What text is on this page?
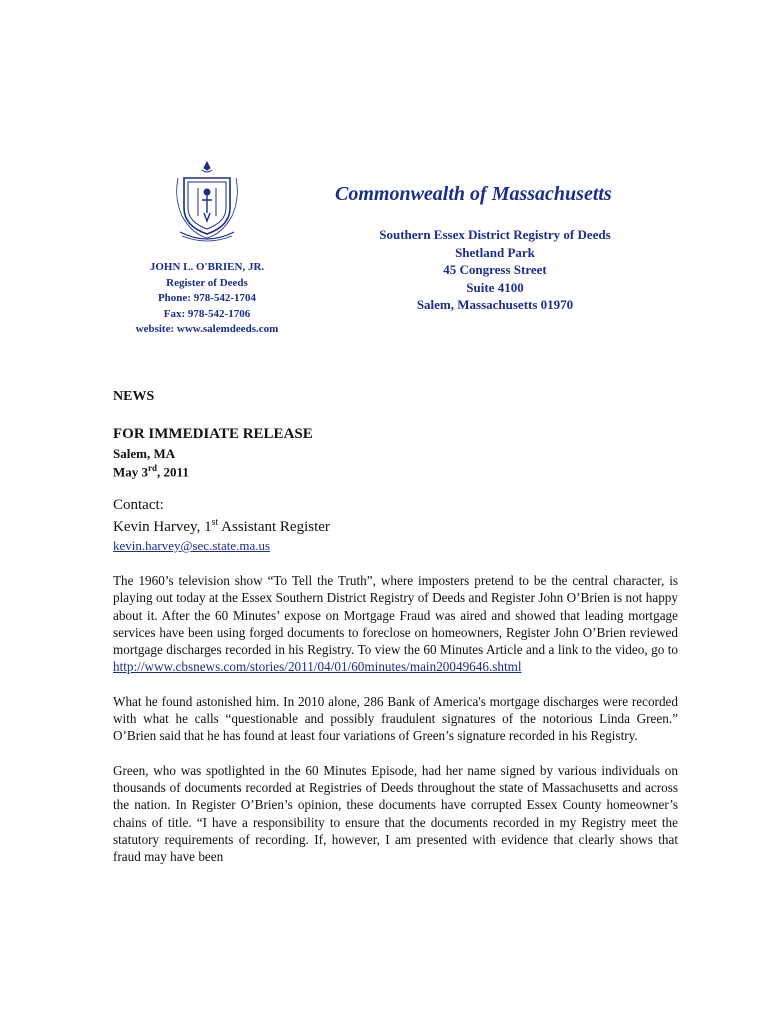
Commonwealth of Massachusetts
Southern Essex District Registry of Deeds
Shetland Park
45 Congress Street
Suite 4100
Salem, Massachusetts 01970
JOHN L. O'BRIEN, JR.
Register of Deeds
Phone: 978-542-1704
Fax: 978-542-1706
website: www.salemdeeds.com
NEWS
FOR IMMEDIATE RELEASE
Salem, MA
May 3rd, 2011
Contact:
Kevin Harvey, 1st Assistant Register
kevin.harvey@sec.state.ma.us

The 1960’s television show “To Tell the Truth”, where imposters pretend to be the central character, is playing out today at the Essex Southern District Registry of Deeds and Register John O’Brien is not happy about it. After the 60 Minutes’ expose on Mortgage Fraud was aired and showed that leading mortgage services have been using forged documents to foreclose on homeowners, Register John O’Brien reviewed mortgage discharges recorded in his Registry. To view the 60 Minutes Article and a link to the video, go to http://www.cbsnews.com/stories/2011/04/01/60minutes/main20049646.shtml

What he found astonished him. In 2010 alone, 286 Bank of America's mortgage discharges were recorded with what he calls “questionable and possibly fraudulent signatures of the notorious Linda Green.” O’Brien said that he has found at least four variations of Green’s signature recorded in his Registry.

Green, who was spotlighted in the 60 Minutes Episode, had her name signed by various individuals on thousands of documents recorded at Registries of Deeds throughout the state of Massachusetts and across the nation. In Register O’Brien’s opinion, these documents have corrupted Essex County homeowner’s chains of title. “I have a responsibility to ensure that the documents recorded in my Registry meet the statutory requirements of recording. If, however, I am presented with evidence that clearly shows that fraud may have been
